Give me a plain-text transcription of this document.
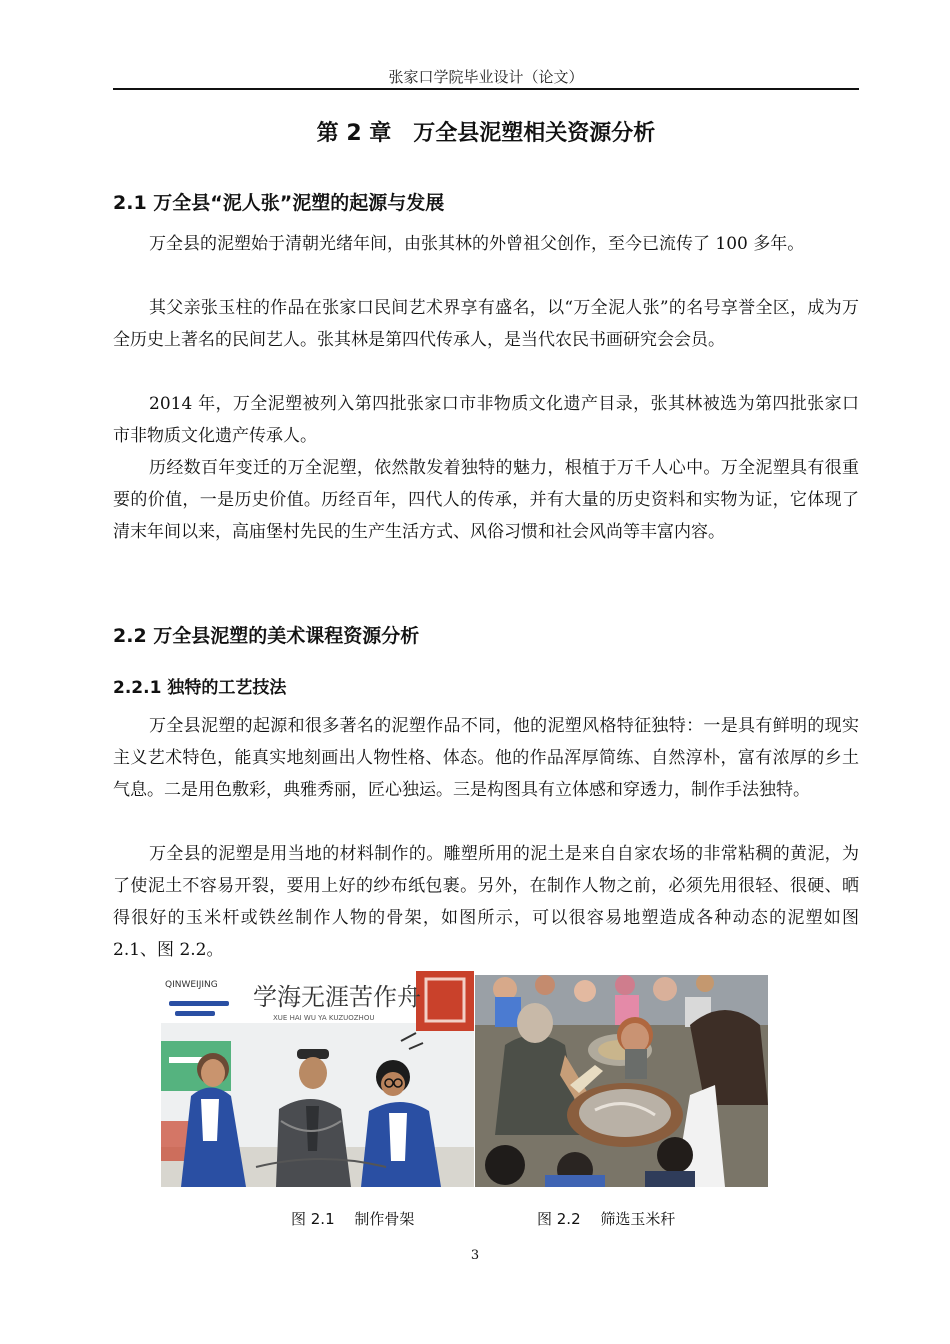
张家口学院毕业设计（论文）
第 2 章　万全县泥塑相关资源分析
2.1 万全县“泥人张”泥塑的起源与发展

万全县的泥塑始于清朝光绪年间，由张其林的外曾祖父创作，至今已流传了 100 多年。

其父亲张玉柱的作品在张家口民间艺术界享有盛名，以“万全泥人张”的名号享誉全区，成为万全历史上著名的民间艺人。张其林是第四代传承人，是当代农民书画研究会会员。

2014 年，万全泥塑被列入第四批张家口市非物质文化遗产目录，张其林被选为第四批张家口市非物质文化遗产传承人。

历经数百年变迁的万全泥塑，依然散发着独特的魅力，根植于万千人心中。万全泥塑具有很重要的价值，一是历史价值。历经百年，四代人的传承，并有大量的历史资料和实物为证，它体现了清末年间以来，高庙堡村先民的生产生活方式、风俗习惯和社会风尚等丰富内容。

2.2 万全县泥塑的美术课程资源分析
2.2.1 独特的工艺技法

万全县泥塑的起源和很多著名的泥塑作品不同，他的泥塑风格特征独特：一是具有鲜明的现实主义艺术特色，能真实地刻画出人物性格、体态。他的作品浑厚简练、自然淳朴，富有浓厚的乡土气息。二是用色敷彩，典雅秀丽，匠心独运。三是构图具有立体感和穿透力，制作手法独特。

万全县的泥塑是用当地的材料制作的。雕塑所用的泥土是来自自家农场的非常粘稠的黄泥，为了使泥土不容易开裂，要用上好的纱布纸包裹。另外，在制作人物之前，必须先用很轻、很硬、晒得很好的玉米杆或铁丝制作人物的骨架，如图所示，可以很容易地塑造成各种动态的泥塑如图 2.1、图 2.2。

QINWEIJING 学海无涯苦作舟
XUE HAI WU YA KUZUOZHOU
图 2.1　 制作骨架	图 2.2　 筛选玉米秆
3
